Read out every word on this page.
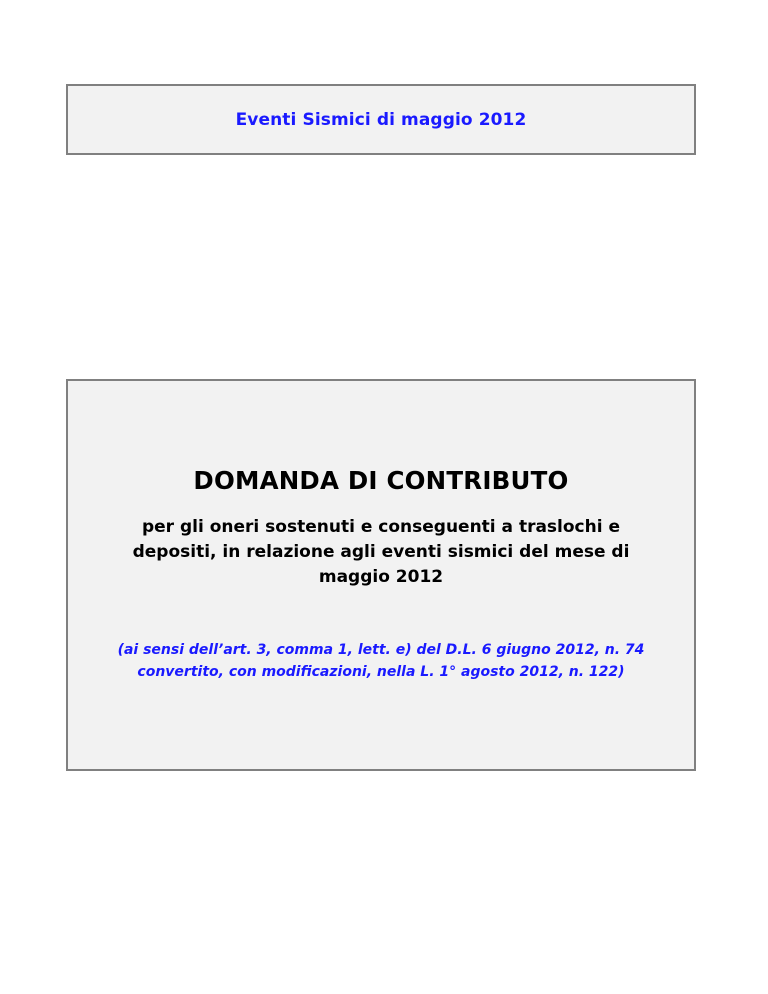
Eventi Sismici di maggio 2012
DOMANDA DI CONTRIBUTO
per gli oneri sostenuti e conseguenti a traslochi e
depositi, in relazione agli eventi sismici del mese di
maggio 2012
(ai sensi dell’art. 3, comma 1, lett. e) del D.L. 6 giugno 2012, n. 74
convertito, con modificazioni, nella L. 1° agosto 2012, n. 122)
